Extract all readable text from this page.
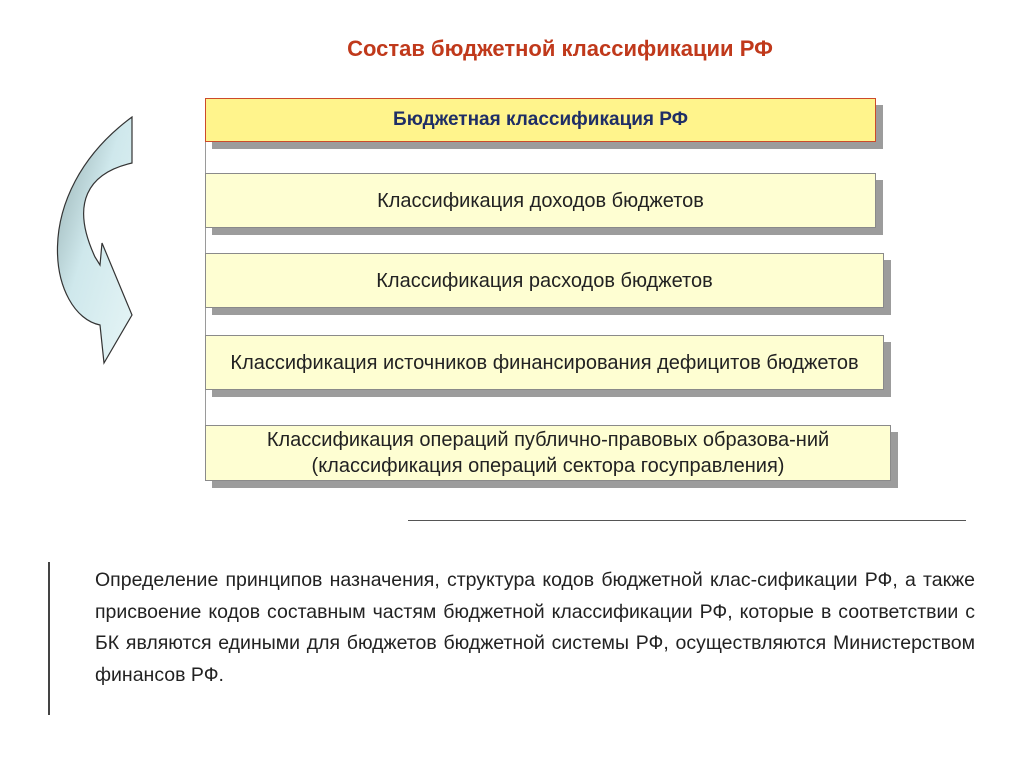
Состав бюджетной классификации РФ
Бюджетная классификация РФ
Классификация доходов бюджетов
Классификация расходов бюджетов
Классификация источников финансирования дефицитов бюджетов
Классификация операций публично-правовых образова-ний (классификация операций сектора госуправления)
Определение принципов назначения, структура кодов бюджетной клас-сификации РФ, а также присвоение кодов составным частям бюджетной классификации РФ, которые в соответствии с БК являются едиными для бюджетов бюджетной системы РФ, осуществляются Министерством финансов РФ.
